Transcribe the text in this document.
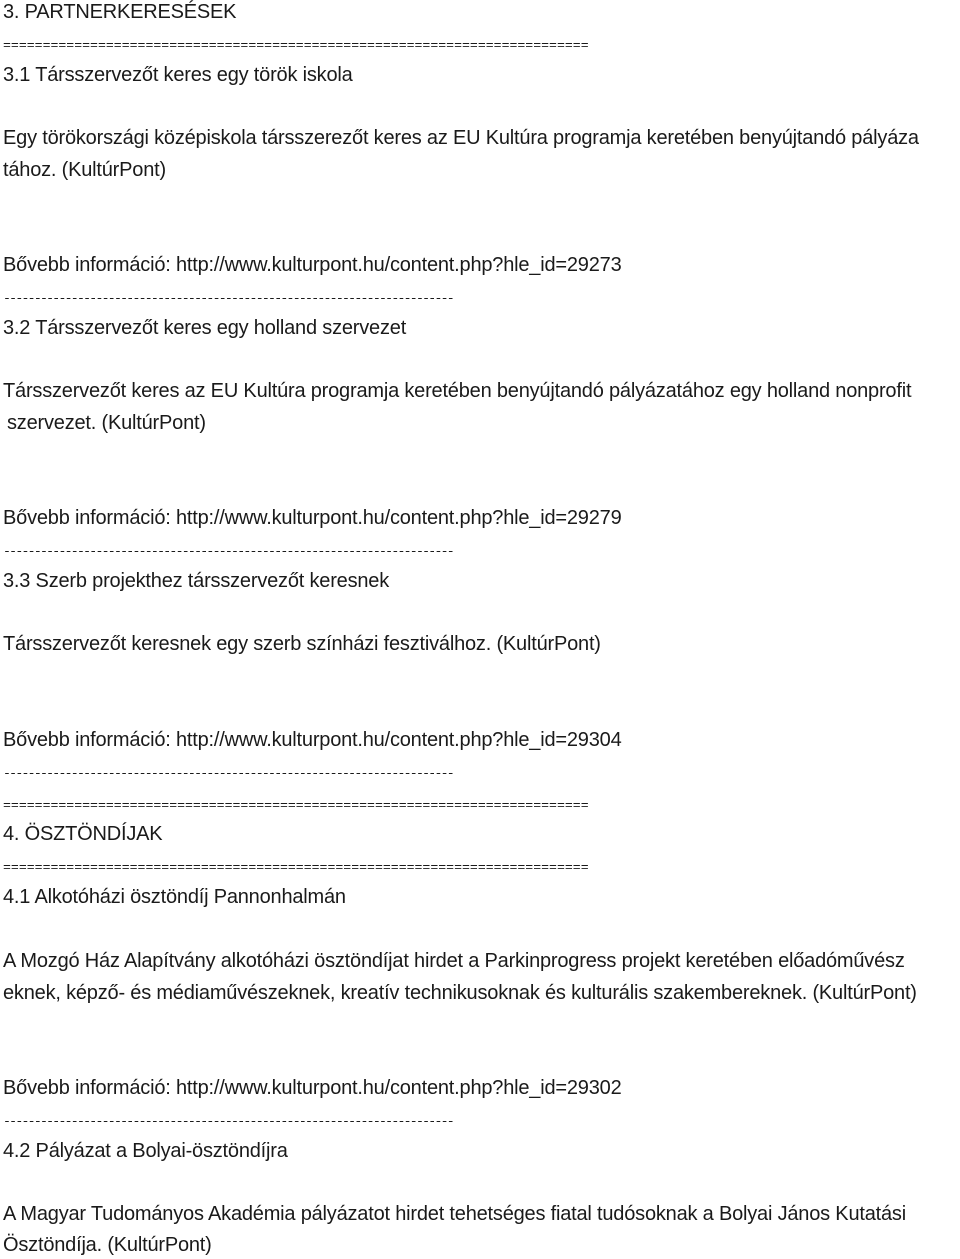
3. PARTNERKERESÉSEK
==========================================================================
3.1 Társszervezőt keres egy török iskola
Egy törökországi középiskola társszerezőt keres az EU Kultúra programja keretében benyújtandó pályáza
tához. (KultúrPont)
Bővebb információ: http://www.kulturpont.hu/content.php?hle_id=29273
-------------------------------------------------------------------------
3.2 Társszervezőt keres egy holland szervezet
Társszervezőt keres az EU Kultúra programja keretében benyújtandó pályázatához egy holland nonprofit
szervezet. (KultúrPont)
Bővebb információ: http://www.kulturpont.hu/content.php?hle_id=29279
-------------------------------------------------------------------------
3.3 Szerb projekthez társszervezőt keresnek
Társszervezőt keresnek egy szerb színházi fesztiválhoz. (KultúrPont)
Bővebb információ: http://www.kulturpont.hu/content.php?hle_id=29304
-------------------------------------------------------------------------
==========================================================================
4. ÖSZTÖNDÍJAK
==========================================================================
4.1 Alkotóházi ösztöndíj Pannonhalmán
A Mozgó Ház Alapítvány alkotóházi ösztöndíjat hirdet a Parkinprogress projekt keretében előadóművész
eknek, képző- és médiaművészeknek, kreatív technikusoknak és kulturális szakembereknek. (KultúrPont)
Bővebb információ: http://www.kulturpont.hu/content.php?hle_id=29302
-------------------------------------------------------------------------
4.2 Pályázat a Bolyai-ösztöndíjra
A Magyar Tudományos Akadémia pályázatot hirdet tehetséges fiatal tudósoknak a Bolyai János Kutatási
Ösztöndíja. (KultúrPont)
